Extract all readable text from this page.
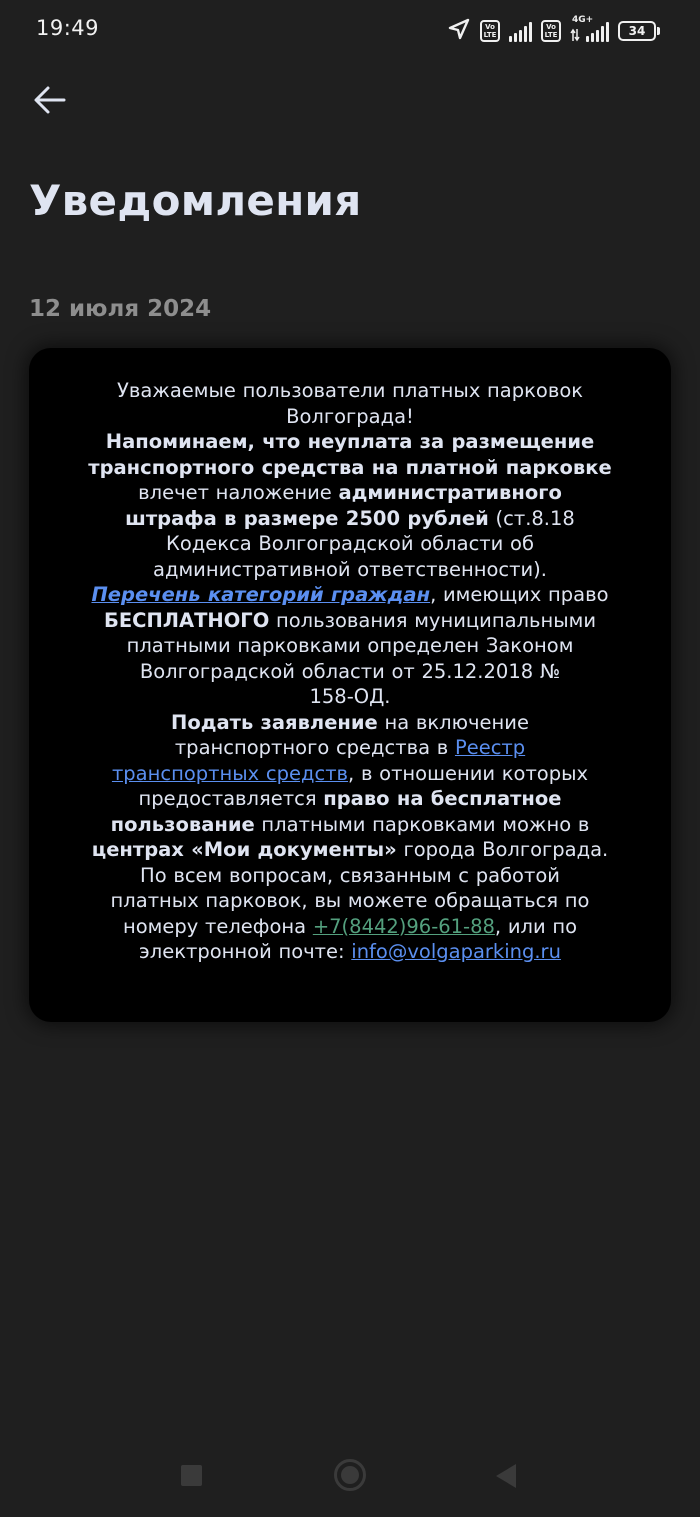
19:49	Vo
LTE
Vo
LTE
4G+
34
Уведомления
12 июля 2024
Уважаемые пользователи платных парковок
Волгограда!
Напоминаем, что неуплата за размещение
транспортного средства на платной парковке
влечет наложение административного
штрафа в размере 2500 рублей (ст.8.18
Кодекса Волгоградской области об
административной ответственности).
Перечень категорий граждан, имеющих право
БЕСПЛАТНОГО пользования муниципальными
платными парковками определен Законом
Волгоградской области от 25.12.2018 №
158-ОД.
Подать заявление на включение
транспортного средства в Реестр
транспортных средств, в отношении которых
предоставляется право на бесплатное
пользование платными парковками можно в
центрах «Мои документы» города Волгограда.
По всем вопросам, связанным с работой
платных парковок, вы можете обращаться по
номеру телефона +7(8442)96-61-88, или по
электронной почте: info@volgaparking.ru
